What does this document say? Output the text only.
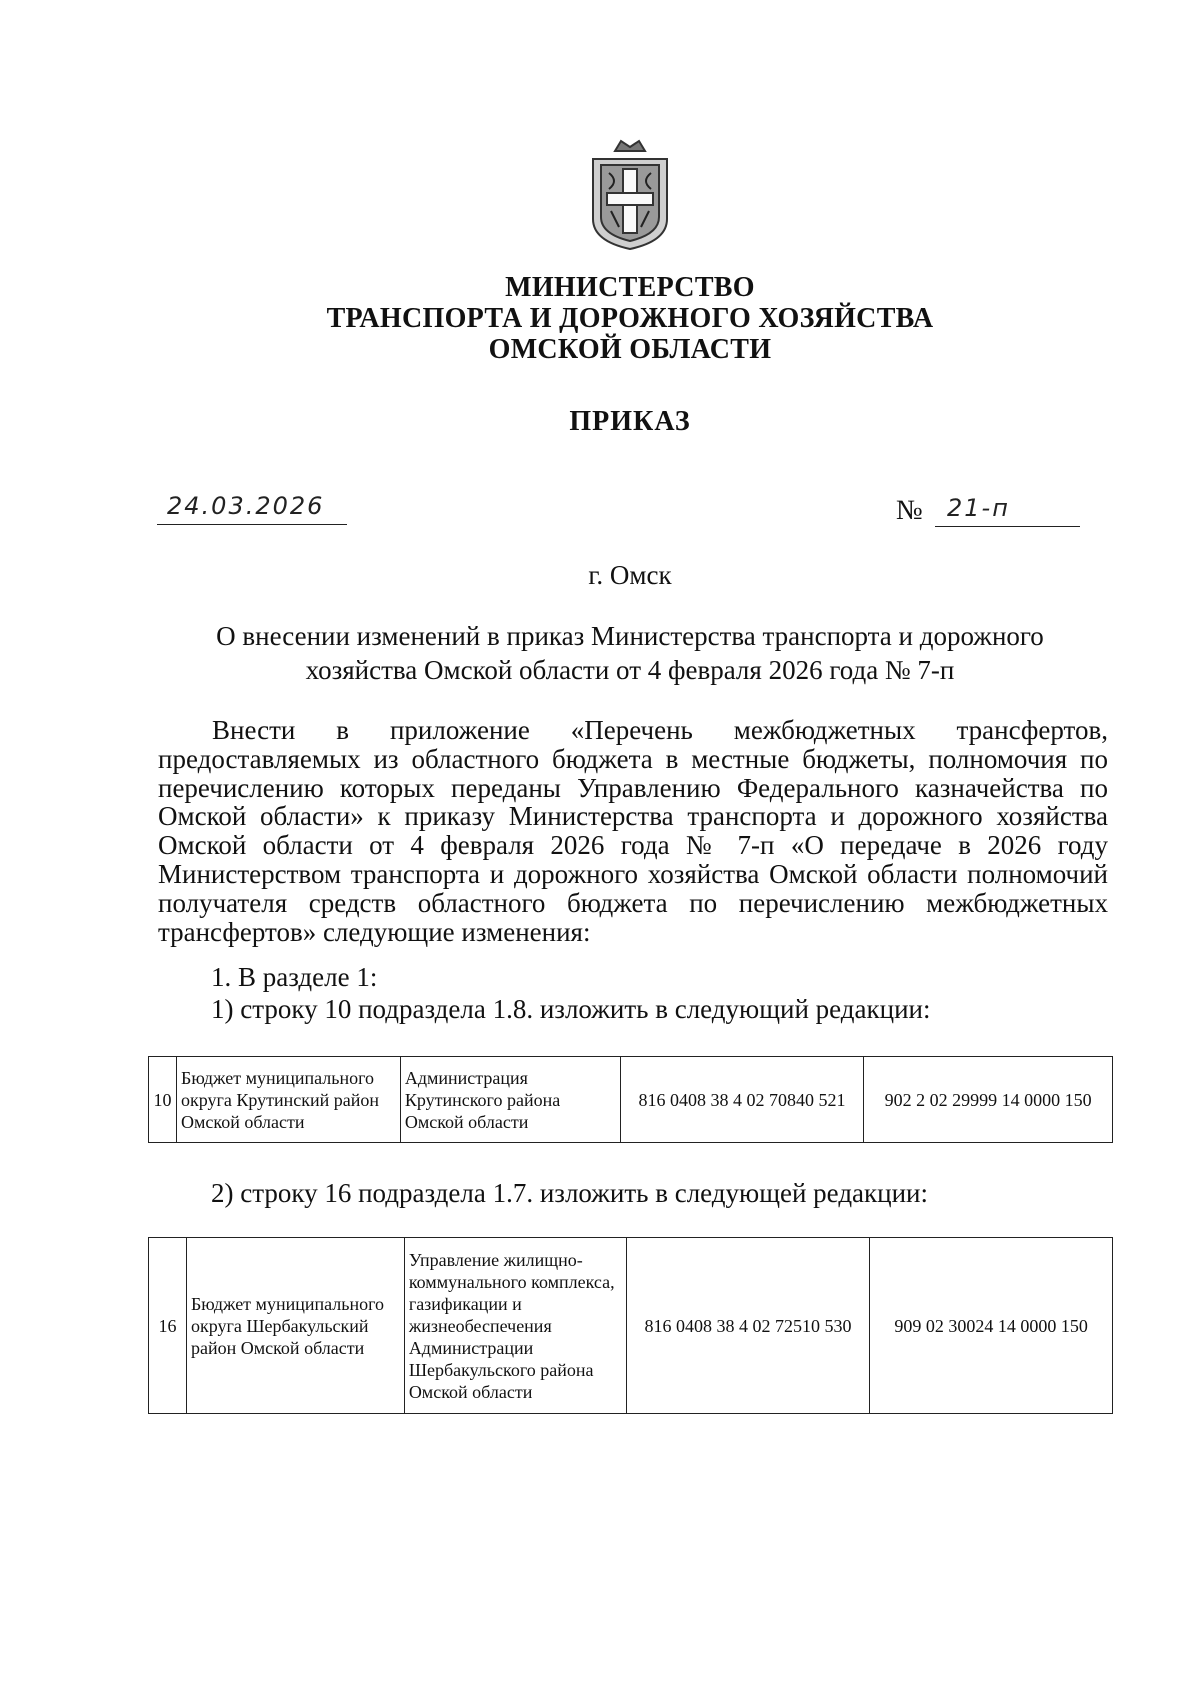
МИНИСТЕРСТВО
ТРАНСПОРТА И ДОРОЖНОГО ХОЗЯЙСТВА
ОМСКОЙ ОБЛАСТИ
ПРИКАЗ
24.03.2026	№ 21-п
г. Омск
О внесении изменений в приказ Министерства транспорта и дорожного хозяйства Омской области от 4 февраля 2026 года № 7-п

Внести в приложение «Перечень межбюджетных трансфертов, предоставляемых из областного бюджета в местные бюджеты, полномочия по перечислению которых переданы Управлению Федерального казначейства по Омской области» к приказу Министерства транспорта и дорожного хозяйства Омской области от 4 февраля 2026 года № 7-п «О передаче в 2026 году Министерством транспорта и дорожного хозяйства Омской области полномочий получателя средств областного бюджета по перечислению межбюджетных трансфертов» следующие изменения:

1. В разделе 1:
1) строку 10 подраздела 1.8. изложить в следующий редакции:
10	Бюджет муниципального округа Крутинский район Омской области	Администрация Крутинского района Омской области	816 0408 38 4 02 70840 521	902 2 02 29999 14 0000 150
2) строку 16 подраздела 1.7. изложить в следующей редакции:
16	Бюджет муниципального округа Шербакульский район Омской области	Управление жилищно-коммунального комплекса, газификации и жизнеобеспечения Администрации Шербакульского района Омской области	816 0408 38 4 02 72510 530	909 02 30024 14 0000 150
